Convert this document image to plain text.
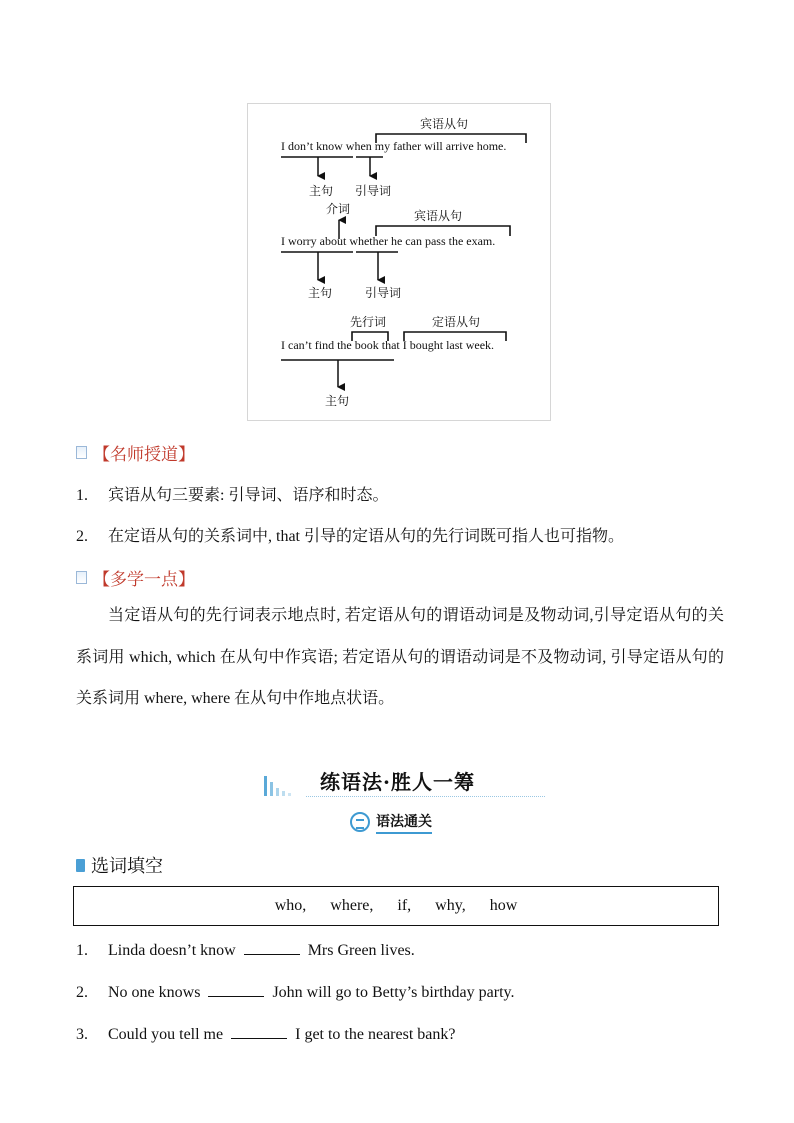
宾语从句
I don’t know when my father will arrive home.
主句 引导词
介词	宾语从句
I worry about whether he can pass the exam.
主句	引导词
先行词	定语从句
I can’t find the book that I bought last week.
主句
【名师授道】
1. 宾语从句三要素: 引导词、语序和时态。
2. 在定语从句的关系词中, that 引导的定语从句的先行词既可指人也可指物。
【多学一点】
当定语从句的先行词表示地点时, 若定语从句的谓语动词是及物动词,引导定语从句的关系词用 which, which 在从句中作宾语; 若定语从句的谓语动词是不及物动词, 引导定语从句的关系词用 where, where 在从句中作地点状语。
练语法·胜人一筹
语法通关
选词填空
who, where, if, why, how
1. Linda doesn’t know	Mrs Green lives.
2. No one knows	John will go to Betty’s birthday party.
3. Could you tell me	I get to the nearest bank?
